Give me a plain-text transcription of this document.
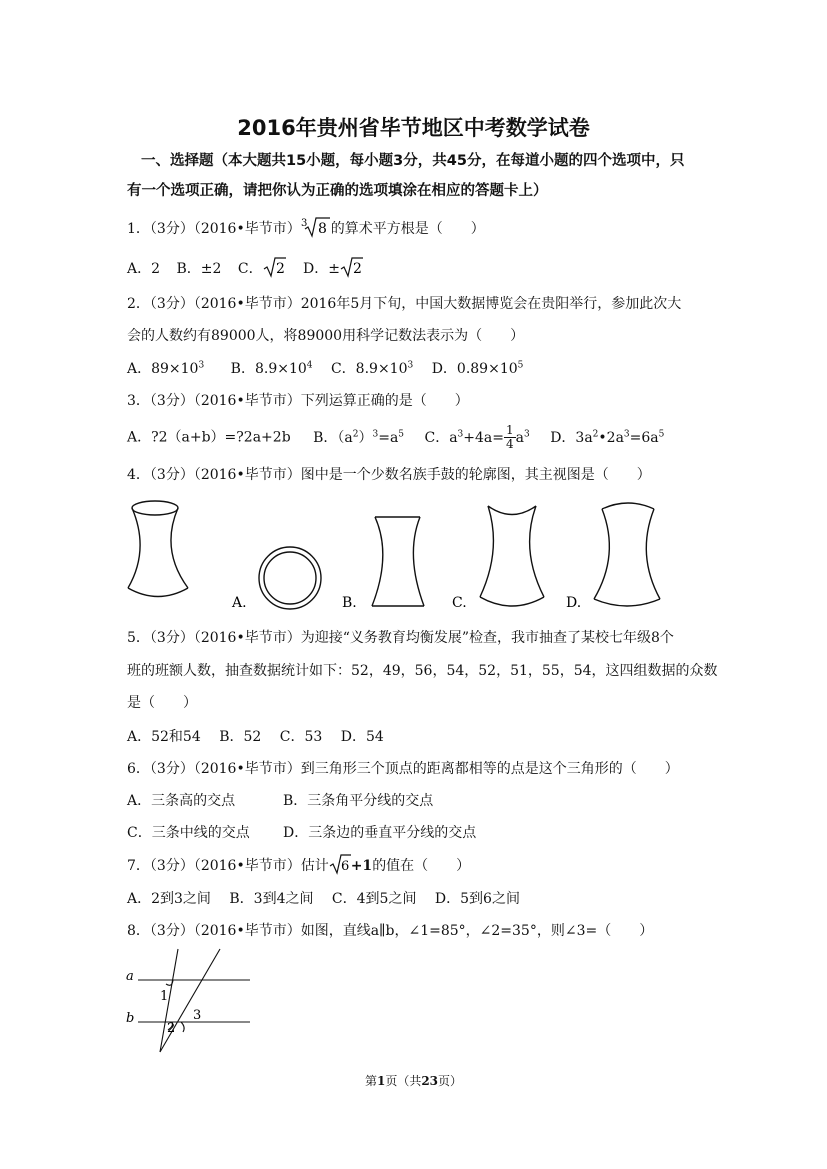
2016年贵州省毕节地区中考数学试卷
一、选择题（本大题共15小题，每小题3分，共45分，在每道小题的四个选项中，只
有一个选项正确，请把你认为正确的选项填涂在相应的答题卡上）
1．（3分）（2016•毕节市） 3 8 的算术平方根是（　　）
A．2 B．±2 C． 2 D．± 2
2．（3分）（2016•毕节市）2016年5月下旬，中国大数据博览会在贵阳举行，参加此次大
会的人数约有89000人，将89000用科学记数法表示为（　　）
A．$89\times 10^3$ B．$8.9\times 10^4$ C．$8.9\times 10^3$ D．$0.89\times 10^5$
3．（3分）（2016•毕节市）下列运算正确的是（　　）
A．?2（a+b）=?2a+2b B．$(a^2)^3=a^5$ C．$a^3+4a= \frac{1}{4} a^3$ D．$3a^2•2a^3=6a^5$
4．（3分）（2016•毕节市）图中是一个少数名族手鼓的轮廓图，其主视图是（　　）
A.	B.	C.	D.
5．（3分）（2016•毕节市）为迎接“义务教育均衡发展”检查，我市抽查了某校七年级8个
班的班额人数，抽查数据统计如下：52，49，56，54，52，51，55，54，这四组数据的众数
是（　　）
A．52和54　 B．52　 C．53　 D．54
6．（3分）（2016•毕节市）到三角形三个顶点的距离都相等的点是这个三角形的（　　）
A．三条高的交点	B．三条角平分线的交点
C．三条中线的交点 D．三条边的垂直平分线的交点
7．（3分）（2016•毕节市）估计 6 +1的值在（　　）
A．2到3之间　 B．3到4之间　 C．4到5之间　 D．5到6之间
8．（3分）（2016•毕节市）如图，直线a∥b，∠1=85°，∠2=35°，则∠3=（　　）
a
b
1
2
3
第1页（共23页）
